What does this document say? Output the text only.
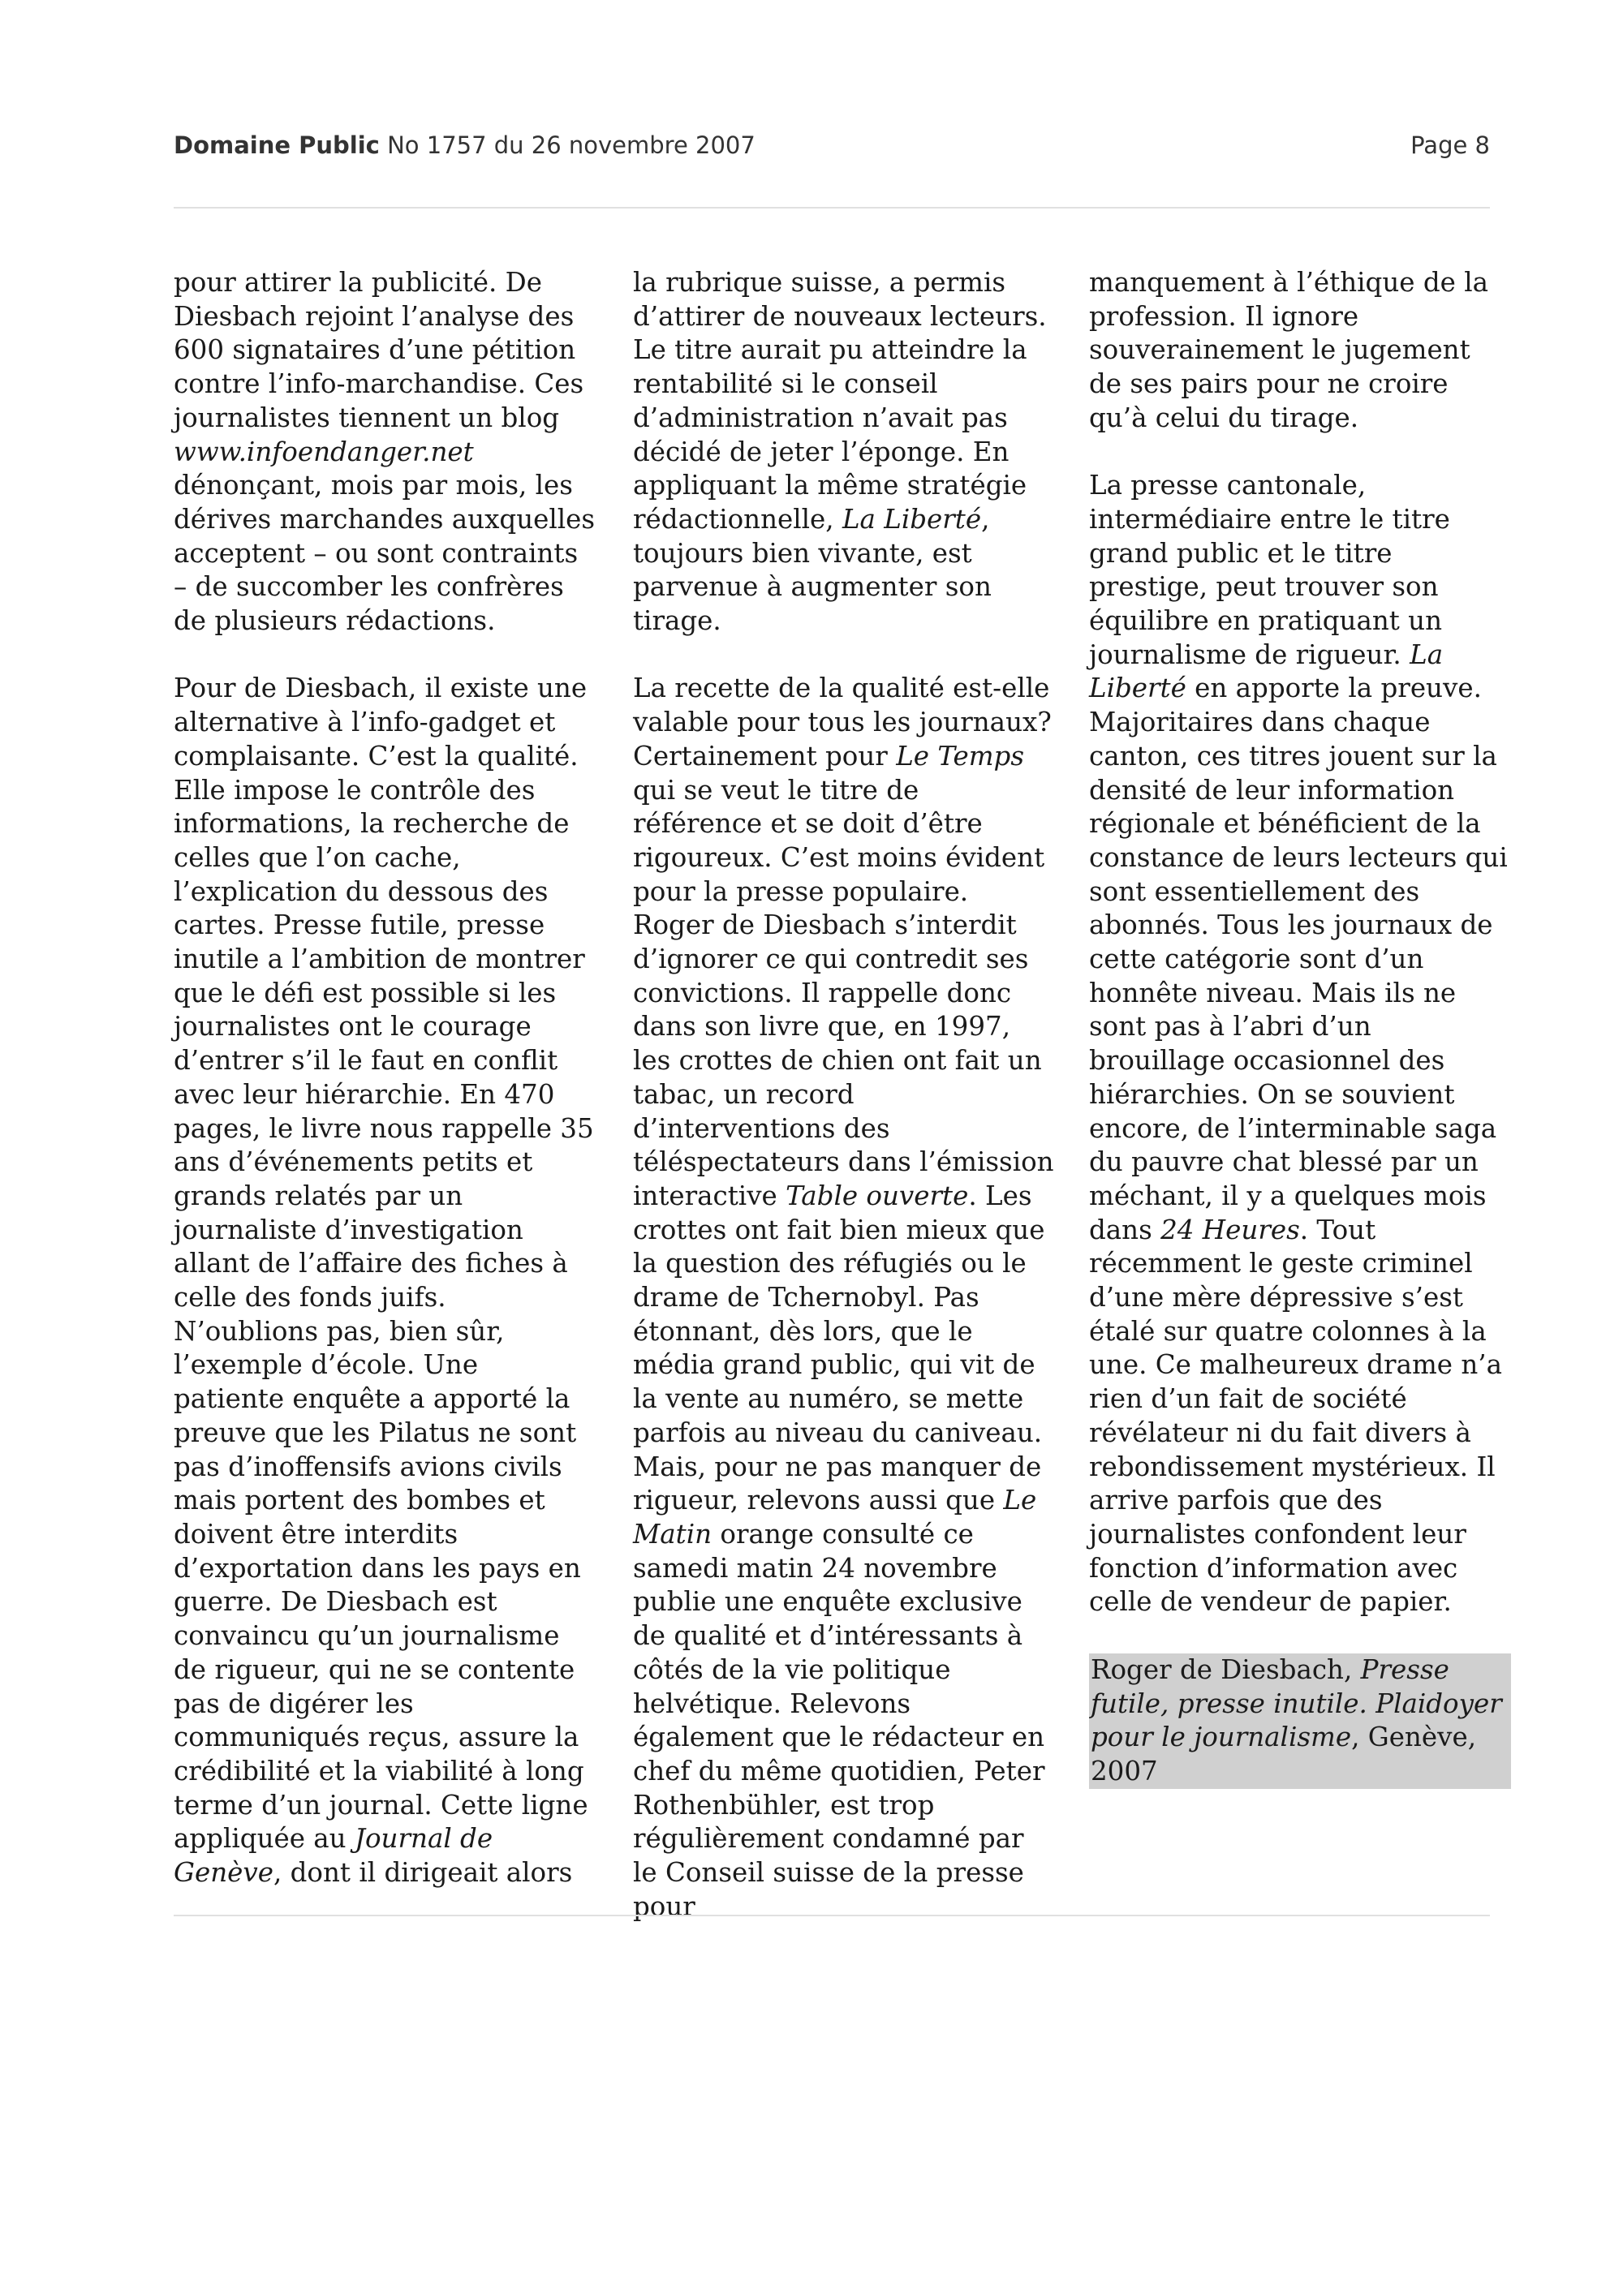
Domaine Public No 1757 du 26 novembre 2007	Page 8

pour attirer la publicité. De Diesbach rejoint l’analyse des 600 signataires d’une pétition contre l’info-marchandise. Ces journalistes tiennent un blog www.infoendanger.net dénonçant, mois par mois, les dérives marchandes auxquelles acceptent – ou sont contraints – de succomber les confrères de plusieurs rédactions.

Pour de Diesbach, il existe une alternative à l’info-gadget et complaisante. C’est la qualité. Elle impose le contrôle des informations, la recherche de celles que l’on cache, l’explication du dessous des cartes. Presse futile, presse inutile a l’ambition de montrer que le défi est possible si les journalistes ont le courage d’entrer s’il le faut en conflit avec leur hiérarchie. En 470 pages, le livre nous rappelle 35 ans d’événements petits et grands relatés par un journaliste d’investigation allant de l’affaire des fiches à celle des fonds juifs. N’oublions pas, bien sûr, l’exemple d’école. Une patiente enquête a apporté la preuve que les Pilatus ne sont pas d’inoffensifs avions civils mais portent des bombes et doivent être interdits d’exportation dans les pays en guerre. De Diesbach est convaincu qu’un journalisme de rigueur, qui ne se contente pas de digérer les communiqués reçus, assure la crédibilité et la viabilité à long terme d’un journal. Cette ligne appliquée au Journal de Genève, dont il dirigeait alors

la rubrique suisse, a permis d’attirer de nouveaux lecteurs. Le titre aurait pu atteindre la rentabilité si le conseil d’administration n’avait pas décidé de jeter l’éponge. En appliquant la même stratégie rédactionnelle, La Liberté, toujours bien vivante, est parvenue à augmenter son tirage.

La recette de la qualité est-elle valable pour tous les journaux? Certainement pour Le Temps qui se veut le titre de référence et se doit d’être rigoureux. C’est moins évident pour la presse populaire. Roger de Diesbach s’interdit d’ignorer ce qui contredit ses convictions. Il rappelle donc dans son livre que, en 1997, les crottes de chien ont fait un tabac, un record d’interventions des téléspectateurs dans l’émission interactive Table ouverte. Les crottes ont fait bien mieux que la question des réfugiés ou le drame de Tchernobyl. Pas étonnant, dès lors, que le média grand public, qui vit de la vente au numéro, se mette parfois au niveau du caniveau. Mais, pour ne pas manquer de rigueur, relevons aussi que Le Matin orange consulté ce samedi matin 24 novembre publie une enquête exclusive de qualité et d’intéressants à côtés de la vie politique helvétique. Relevons également que le rédacteur en chef du même quotidien, Peter Rothenbühler, est trop régulièrement condamné par le Conseil suisse de la presse pour

manquement à l’éthique de la profession. Il ignore souverainement le jugement de ses pairs pour ne croire qu’à celui du tirage.

La presse cantonale, intermédiaire entre le titre grand public et le titre prestige, peut trouver son équilibre en pratiquant un journalisme de rigueur. La Liberté en apporte la preuve. Majoritaires dans chaque canton, ces titres jouent sur la densité de leur information régionale et bénéficient de la constance de leurs lecteurs qui sont essentiellement des abonnés. Tous les journaux de cette catégorie sont d’un honnête niveau. Mais ils ne sont pas à l’abri d’un brouillage occasionnel des hiérarchies. On se souvient encore, de l’interminable saga du pauvre chat blessé par un méchant, il y a quelques mois dans 24 Heures. Tout récemment le geste criminel d’une mère dépressive s’est étalé sur quatre colonnes à la une. Ce malheureux drame n’a rien d’un fait de société révélateur ni du fait divers à rebondissement mystérieux. Il arrive parfois que des journalistes confondent leur fonction d’information avec celle de vendeur de papier.

Roger de Diesbach, Presse futile, presse inutile. Plaidoyer pour le journalisme, Genève, 2007
